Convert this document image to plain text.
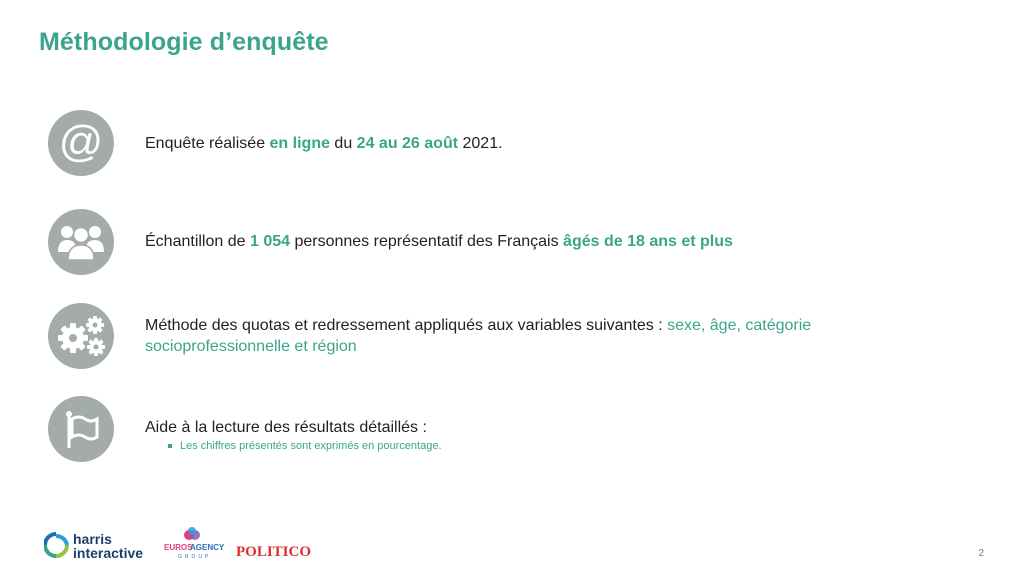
Méthodologie d’enquête
@	Enquête réalisée en ligne du 24 au 26 août 2021.
Échantillon de 1 054 personnes représentatif des Français âgés de 18 ans et plus
Méthode des quotas et redressement appliqués aux variables suivantes : sexe, âge, catégorie socioprofessionnelle et région
Aide à la lecture des résultats détaillés :
Les chiffres présentés sont exprimés en pourcentage.
harris
interactive	EUROS
AGENCY
GROUP POLITICO	2
